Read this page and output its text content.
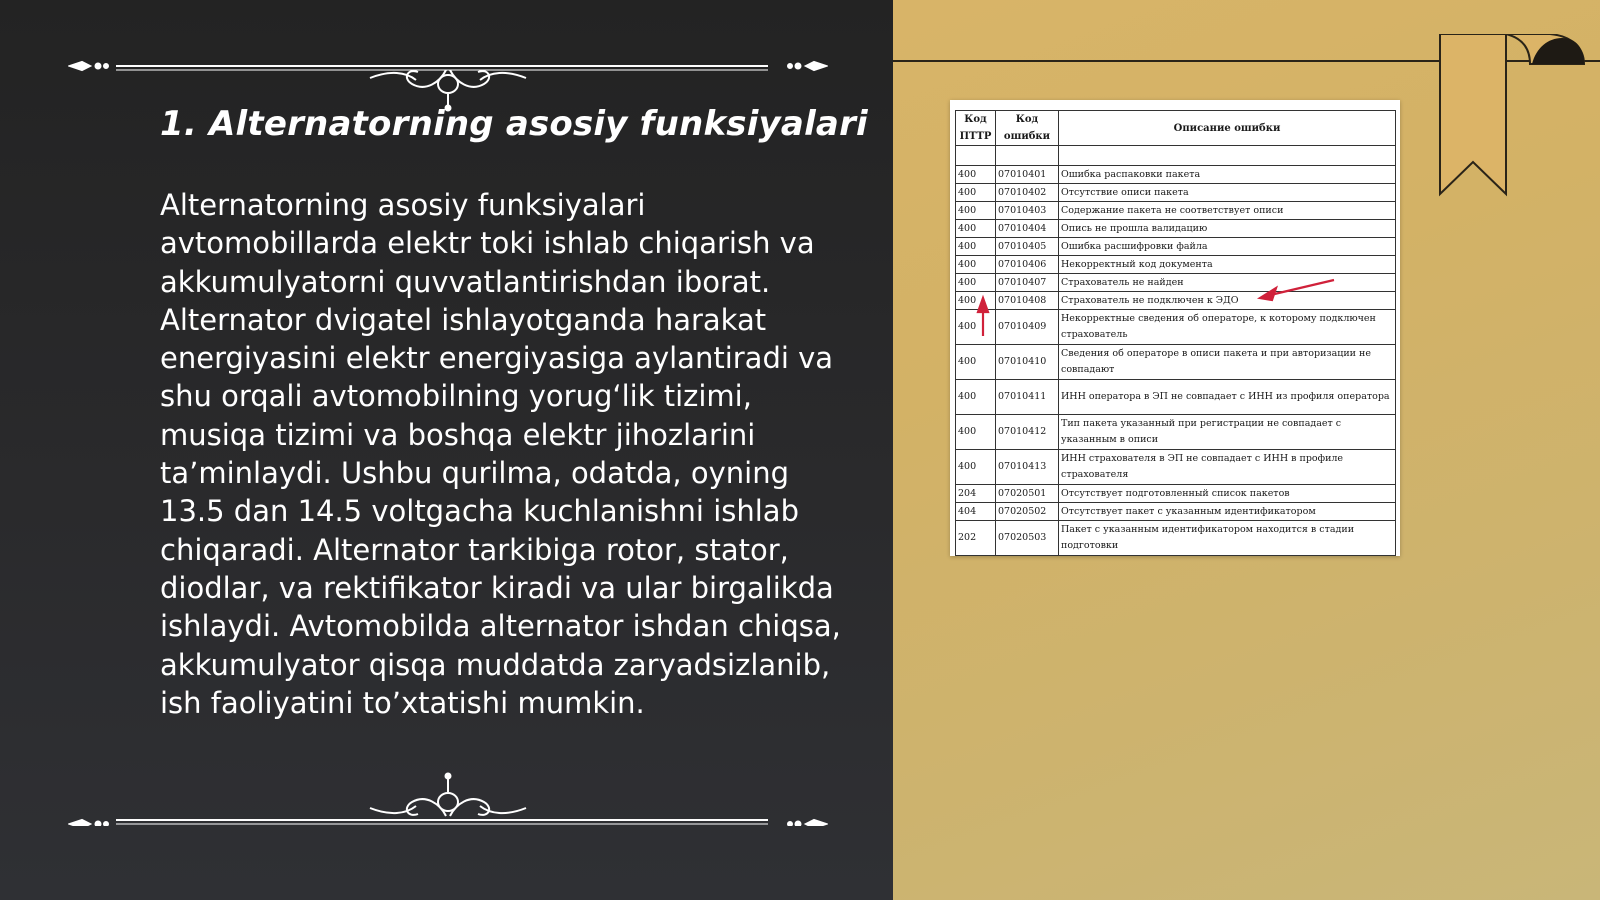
1. Alternatorning asosiy funksiyalari

Alternatorning asosiy funksiyalari avtomobillarda elektr toki ishlab chiqarish va akkumulyatorni quvvatlantirishdan iborat. Alternator dvigatel ishlayotganda harakat energiyasini elektr energiyasiga aylantiradi va shu orqali avtomobilning yorug‘lik tizimi, musiqa tizimi va boshqa elektr jihozlarini ta’minlaydi. Ushbu qurilma, odatda, oyning 13.5 dan 14.5 voltgacha kuchlanishni ishlab chiqaradi. Alternator tarkibiga rotor, stator, diodlar, va rektifikator kiradi va ular birgalikda ishlaydi. Avtomobilda alternator ishdan chiqsa, akkumulyator qisqa muddatda zaryadsizlanib, ish faoliyatini to’xtatishi mumkin.

Код ПТТР	Код ошибки	Описание ошибки

400	07010401	Ошибка распаковки пакета
400	07010402	Отсутствие описи пакета
400	07010403	Содержание пакета не соответствует описи
400	07010404	Опись не прошла валидацию
400	07010405	Ошибка расшифровки файла
400	07010406	Некорректный код документа
400	07010407	Страхователь не найден
400	07010408	Страхователь не подключен к ЭДО
400	07010409	Некорректные сведения об операторе, к которому подключен страхователь
400	07010410	Сведения об операторе в описи пакета и при авторизации не совпадают
400	07010411	ИНН оператора в ЭП не совпадает с ИНН из профиля оператора
400	07010412	Тип пакета указанный при регистрации не совпадает с указанным в описи
400	07010413	ИНН страхователя в ЭП не совпадает с ИНН в профиле страхователя
204	07020501	Отсутствует подготовленный список пакетов
404	07020502	Отсутствует пакет с указанным идентификатором
202	07020503	Пакет с указанным идентификатором находится в стадии подготовки
